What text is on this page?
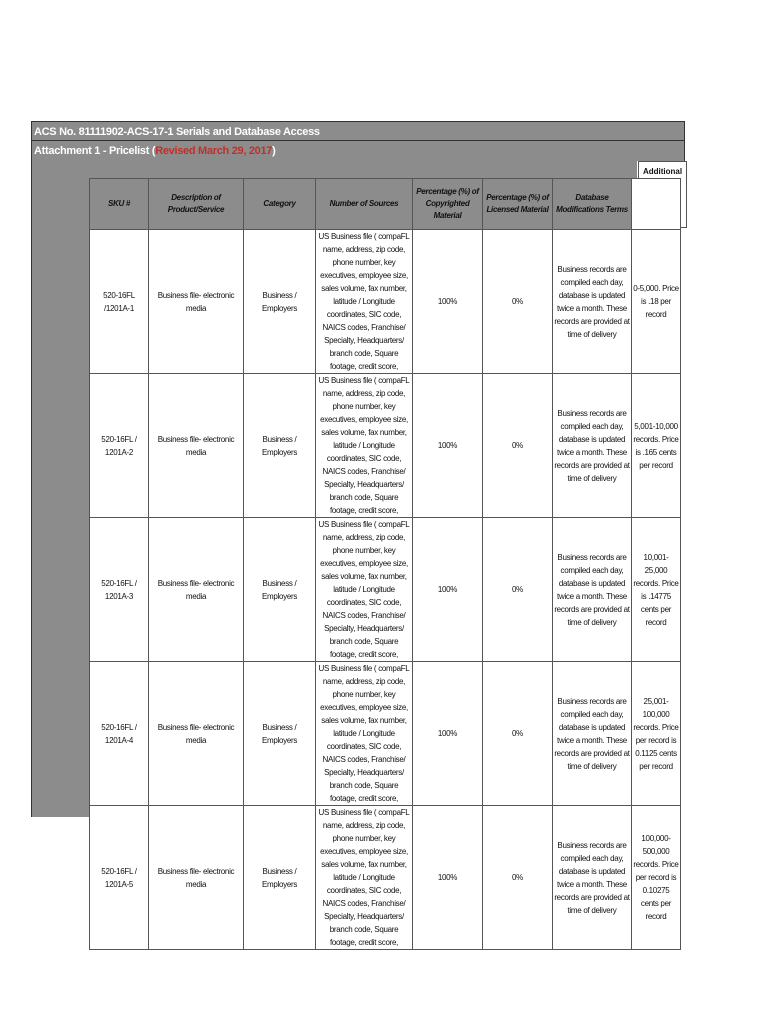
ACS No. 81111902-ACS-17-1 Serials and Database Access
Attachment 1 - Pricelist (Revised March 29, 2017)
Additional
SKU #	Description of Product/Service	Category	Number of Sources	Percentage (%) of Copyrighted Material	Percentage (%) of Licensed Material	Database Modifications Terms	
520-16FL /1201A-1	Business file- electronic media	Business / Employers	US Business file ( compaFL name, address, zip code, phone number, key executives, employee size, sales volume, fax number, latitude / Longitude coordinates, SIC code, NAICS codes, Franchise/ Specialty, Headquarters/ branch code, Square footage, credit score,	100%	0%	Business records are compiled each day, database is updated twice a month. These records are provided at time of delivery	0-5,000. Price is .18 per record
520-16FL / 1201A-2	Business file- electronic media	Business / Employers	US Business file ( compaFL name, address, zip code, phone number, key executives, employee size, sales volume, fax number, latitude / Longitude coordinates, SIC code, NAICS codes, Franchise/ Specialty, Headquarters/ branch code, Square footage, credit score,	100%	0%	Business records are compiled each day, database is updated twice a month. These records are provided at time of delivery	5,001-10,000 records. Price is .165 cents per record
520-16FL / 1201A-3	Business file- electronic media	Business / Employers	US Business file ( compaFL name, address, zip code, phone number, key executives, employee size, sales volume, fax number, latitude / Longitude coordinates, SIC code, NAICS codes, Franchise/ Specialty, Headquarters/ branch code, Square footage, credit score,	100%	0%	Business records are compiled each day, database is updated twice a month. These records are provided at time of delivery	10,001-25,000 records. Price is .14775 cents per record
520-16FL / 1201A-4	Business file- electronic media	Business / Employers	US Business file ( compaFL name, address, zip code, phone number, key executives, employee size, sales volume, fax number, latitude / Longitude coordinates, SIC code, NAICS codes, Franchise/ Specialty, Headquarters/ branch code, Square footage, credit score,	100%	0%	Business records are compiled each day, database is updated twice a month. These records are provided at time of delivery	25,001-100,000 records. Price per record is 0.1125 cents per record
520-16FL / 1201A-5	Business file- electronic media	Business / Employers	US Business file ( compaFL name, address, zip code, phone number, key executives, employee size, sales volume, fax number, latitude / Longitude coordinates, SIC code, NAICS codes, Franchise/ Specialty, Headquarters/ branch code, Square footage, credit score,	100%	0%	Business records are compiled each day, database is updated twice a month. These records are provided at time of delivery	100,000-500,000 records. Price per record is 0.10275 cents per record
